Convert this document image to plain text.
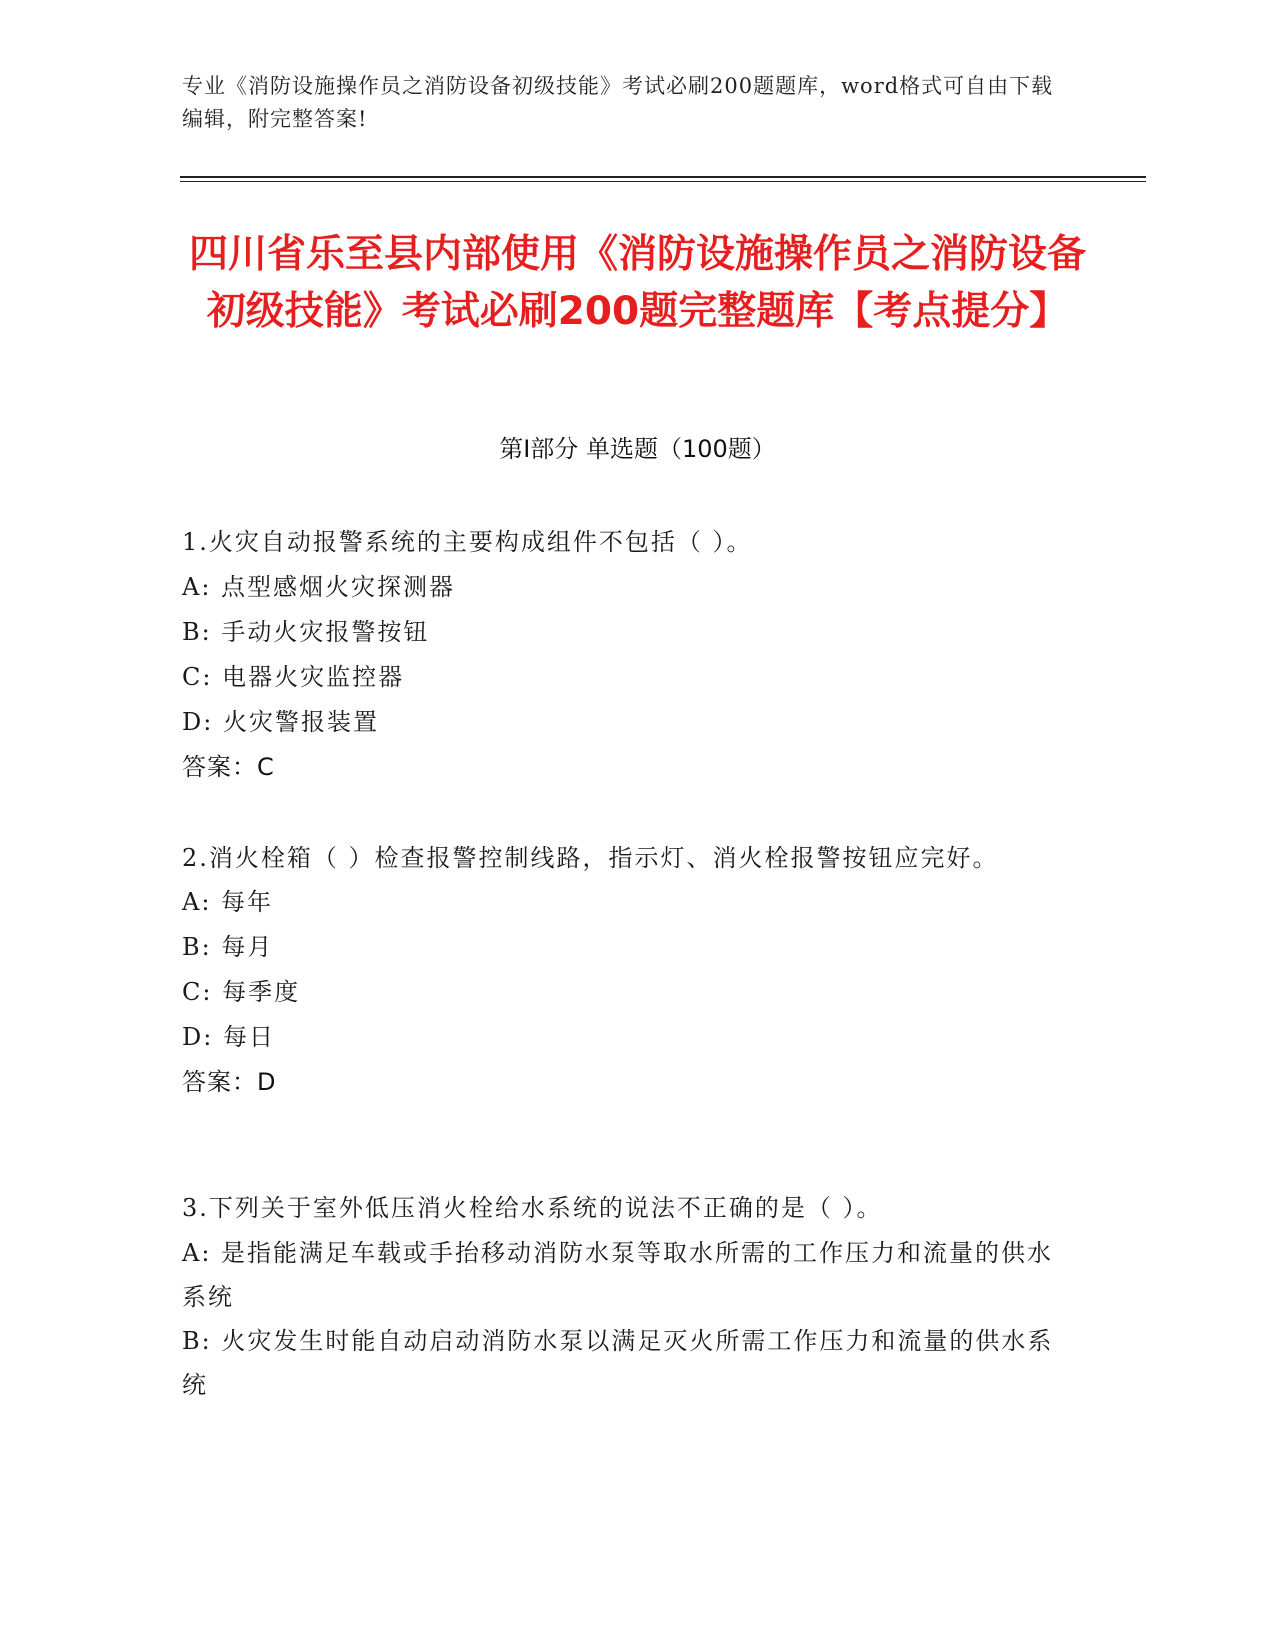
专业《消防设施操作员之消防设备初级技能》考试必刷200题题库，word格式可自由下载编辑，附完整答案!
四川省乐至县内部使用《消防设施操作员之消防设备初级技能》考试必刷200题完整题库【考点提分】
第I部分 单选题（100题）
1.火灾自动报警系统的主要构成组件不包括（ ）。
A: 点型感烟火灾探测器
B: 手动火灾报警按钮
C: 电器火灾监控器
D: 火灾警报装置
答案：C
2.消火栓箱（ ）检查报警控制线路，指示灯、消火栓报警按钮应完好。
A: 每年
B: 每月
C: 每季度
D: 每日
答案：D
3.下列关于室外低压消火栓给水系统的说法不正确的是（ ）。
A: 是指能满足车载或手抬移动消防水泵等取水所需的工作压力和流量的供水系统
B: 火灾发生时能自动启动消防水泵以满足灭火所需工作压力和流量的供水系统
